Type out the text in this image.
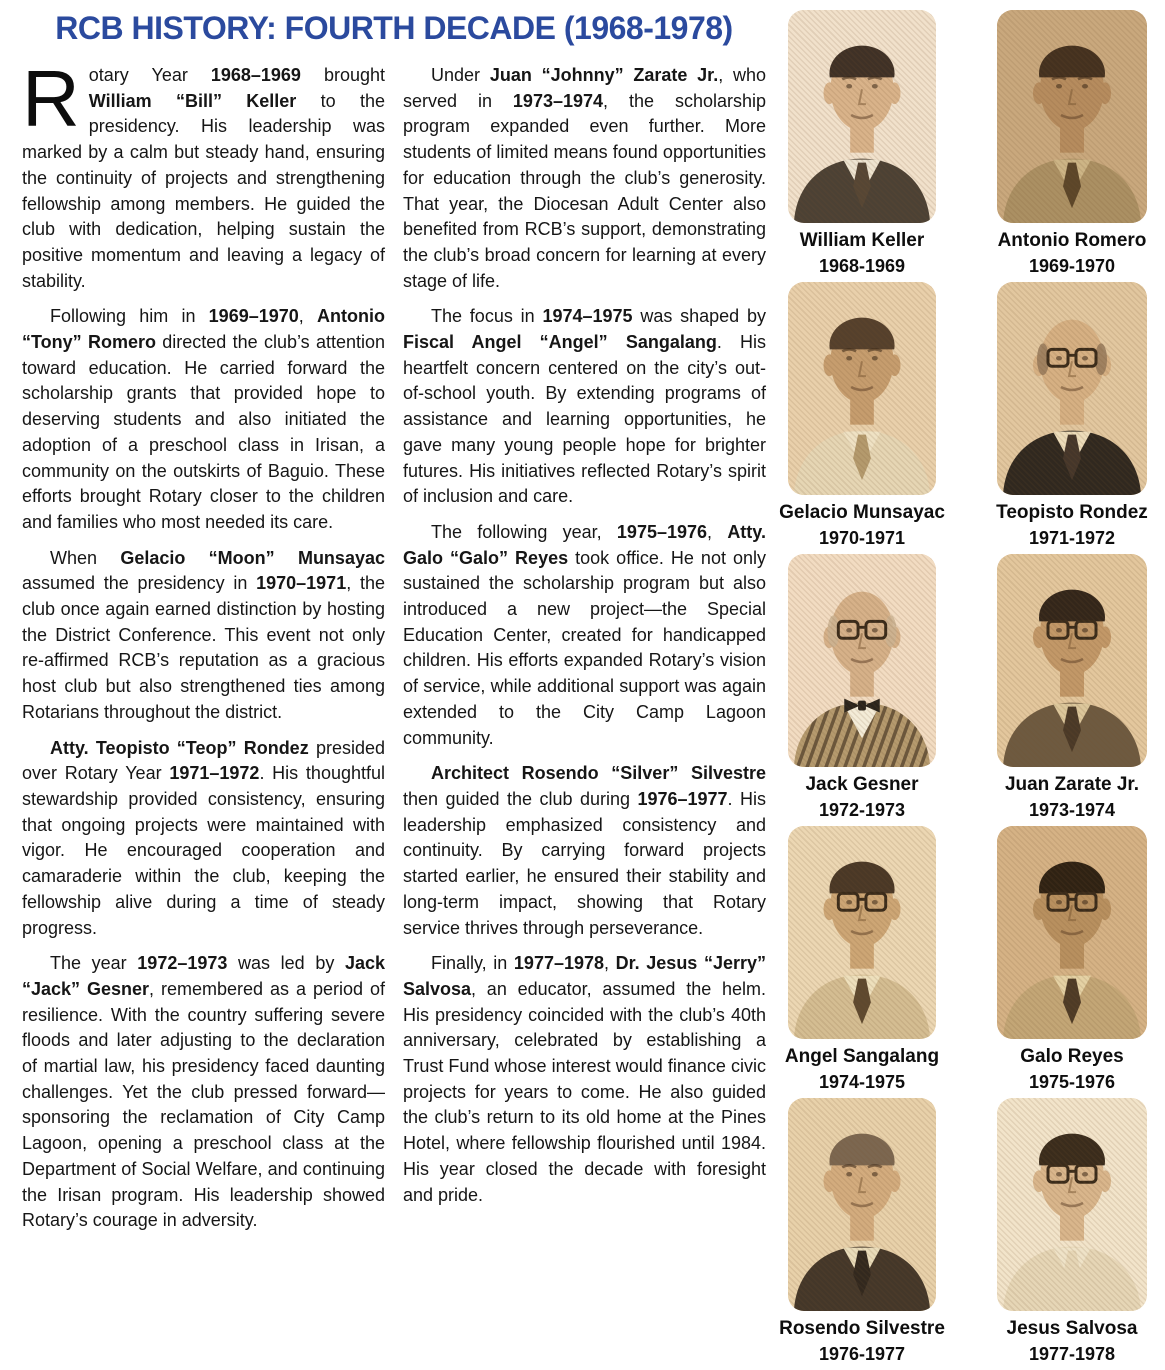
RCB HISTORY: FOURTH DECADE (1968-1978)

Rotary Year 1968–1969 brought William “Bill” Keller to the presidency. His leadership was marked by a calm but steady hand, ensuring the continuity of projects and strengthening fellowship among members. He guided the club with dedication, helping sustain the positive momentum and leaving a legacy of stability.

Following him in 1969–1970, Antonio “Tony” Romero directed the club’s attention toward education. He carried forward the scholarship grants that provided hope to deserving students and also initiated the adoption of a preschool class in Irisan, a community on the outskirts of Baguio. These efforts brought Rotary closer to the children and families who most needed its care.

When Gelacio “Moon” Munsayac assumed the presidency in 1970–1971, the club once again earned distinction by hosting the District Conference. This event not only re-affirmed RCB’s reputation as a gracious host club but also strengthened ties among Rotarians throughout the district.

Atty. Teopisto “Teop” Rondez presided over Rotary Year 1971–1972. His thoughtful stewardship provided consistency, ensuring that ongoing projects were maintained with vigor. He encouraged cooperation and camaraderie within the club, keeping the fellowship alive during a time of steady progress.

The year 1972–1973 was led by Jack “Jack” Gesner, remembered as a period of resilience. With the country suffering severe floods and later adjusting to the declaration of martial law, his presidency faced daunting challenges. Yet the club pressed forward—sponsoring the reclamation of City Camp Lagoon, opening a preschool class at the Department of Social Welfare, and continuing the Irisan program. His leadership showed Rotary’s courage in adversity.

Under Juan “Johnny” Zarate Jr., who served in 1973–1974, the scholarship program expanded even further. More students of limited means found opportunities for education through the club’s generosity. That year, the Diocesan Adult Center also benefited from RCB’s support, demonstrating the club’s broad concern for learning at every stage of life.

The focus in 1974–1975 was shaped by Fiscal Angel “Angel” Sangalang. His heartfelt concern centered on the city’s out-of-school youth. By extending programs of assistance and learning opportunities, he gave many young people hope for brighter futures. His initiatives reflected Rotary’s spirit of inclusion and care.

The following year, 1975–1976, Atty. Galo “Galo” Reyes took office. He not only sustained the scholarship program but also introduced a new project—the Special Education Center, created for handicapped children. His efforts expanded Rotary’s vision of service, while additional support was again extended to the City Camp Lagoon community.

Architect Rosendo “Silver” Silvestre then guided the club during 1976–1977. His leadership emphasized consistency and continuity. By carrying forward projects started earlier, he ensured their stability and long-term impact, showing that Rotary service thrives through perseverance.

Finally, in 1977–1978, Dr. Jesus “Jerry” Salvosa, an educator, assumed the helm. His presidency coincided with the club’s 40th anniversary, celebrated by establishing a Trust Fund whose interest would finance civic projects for years to come. He also guided the club’s return to its old home at the Pines Hotel, where fellowship flourished until 1984. His year closed the decade with foresight and pride.

William Keller
1968-1969
Antonio Romero
1969-1970
Gelacio Munsayac
1970-1971
Teopisto Rondez
1971-1972
Jack Gesner
1972-1973
Juan Zarate Jr.
1973-1974
Angel Sangalang
1974-1975
Galo Reyes
1975-1976
Rosendo Silvestre
1976-1977
Jesus Salvosa
1977-1978
